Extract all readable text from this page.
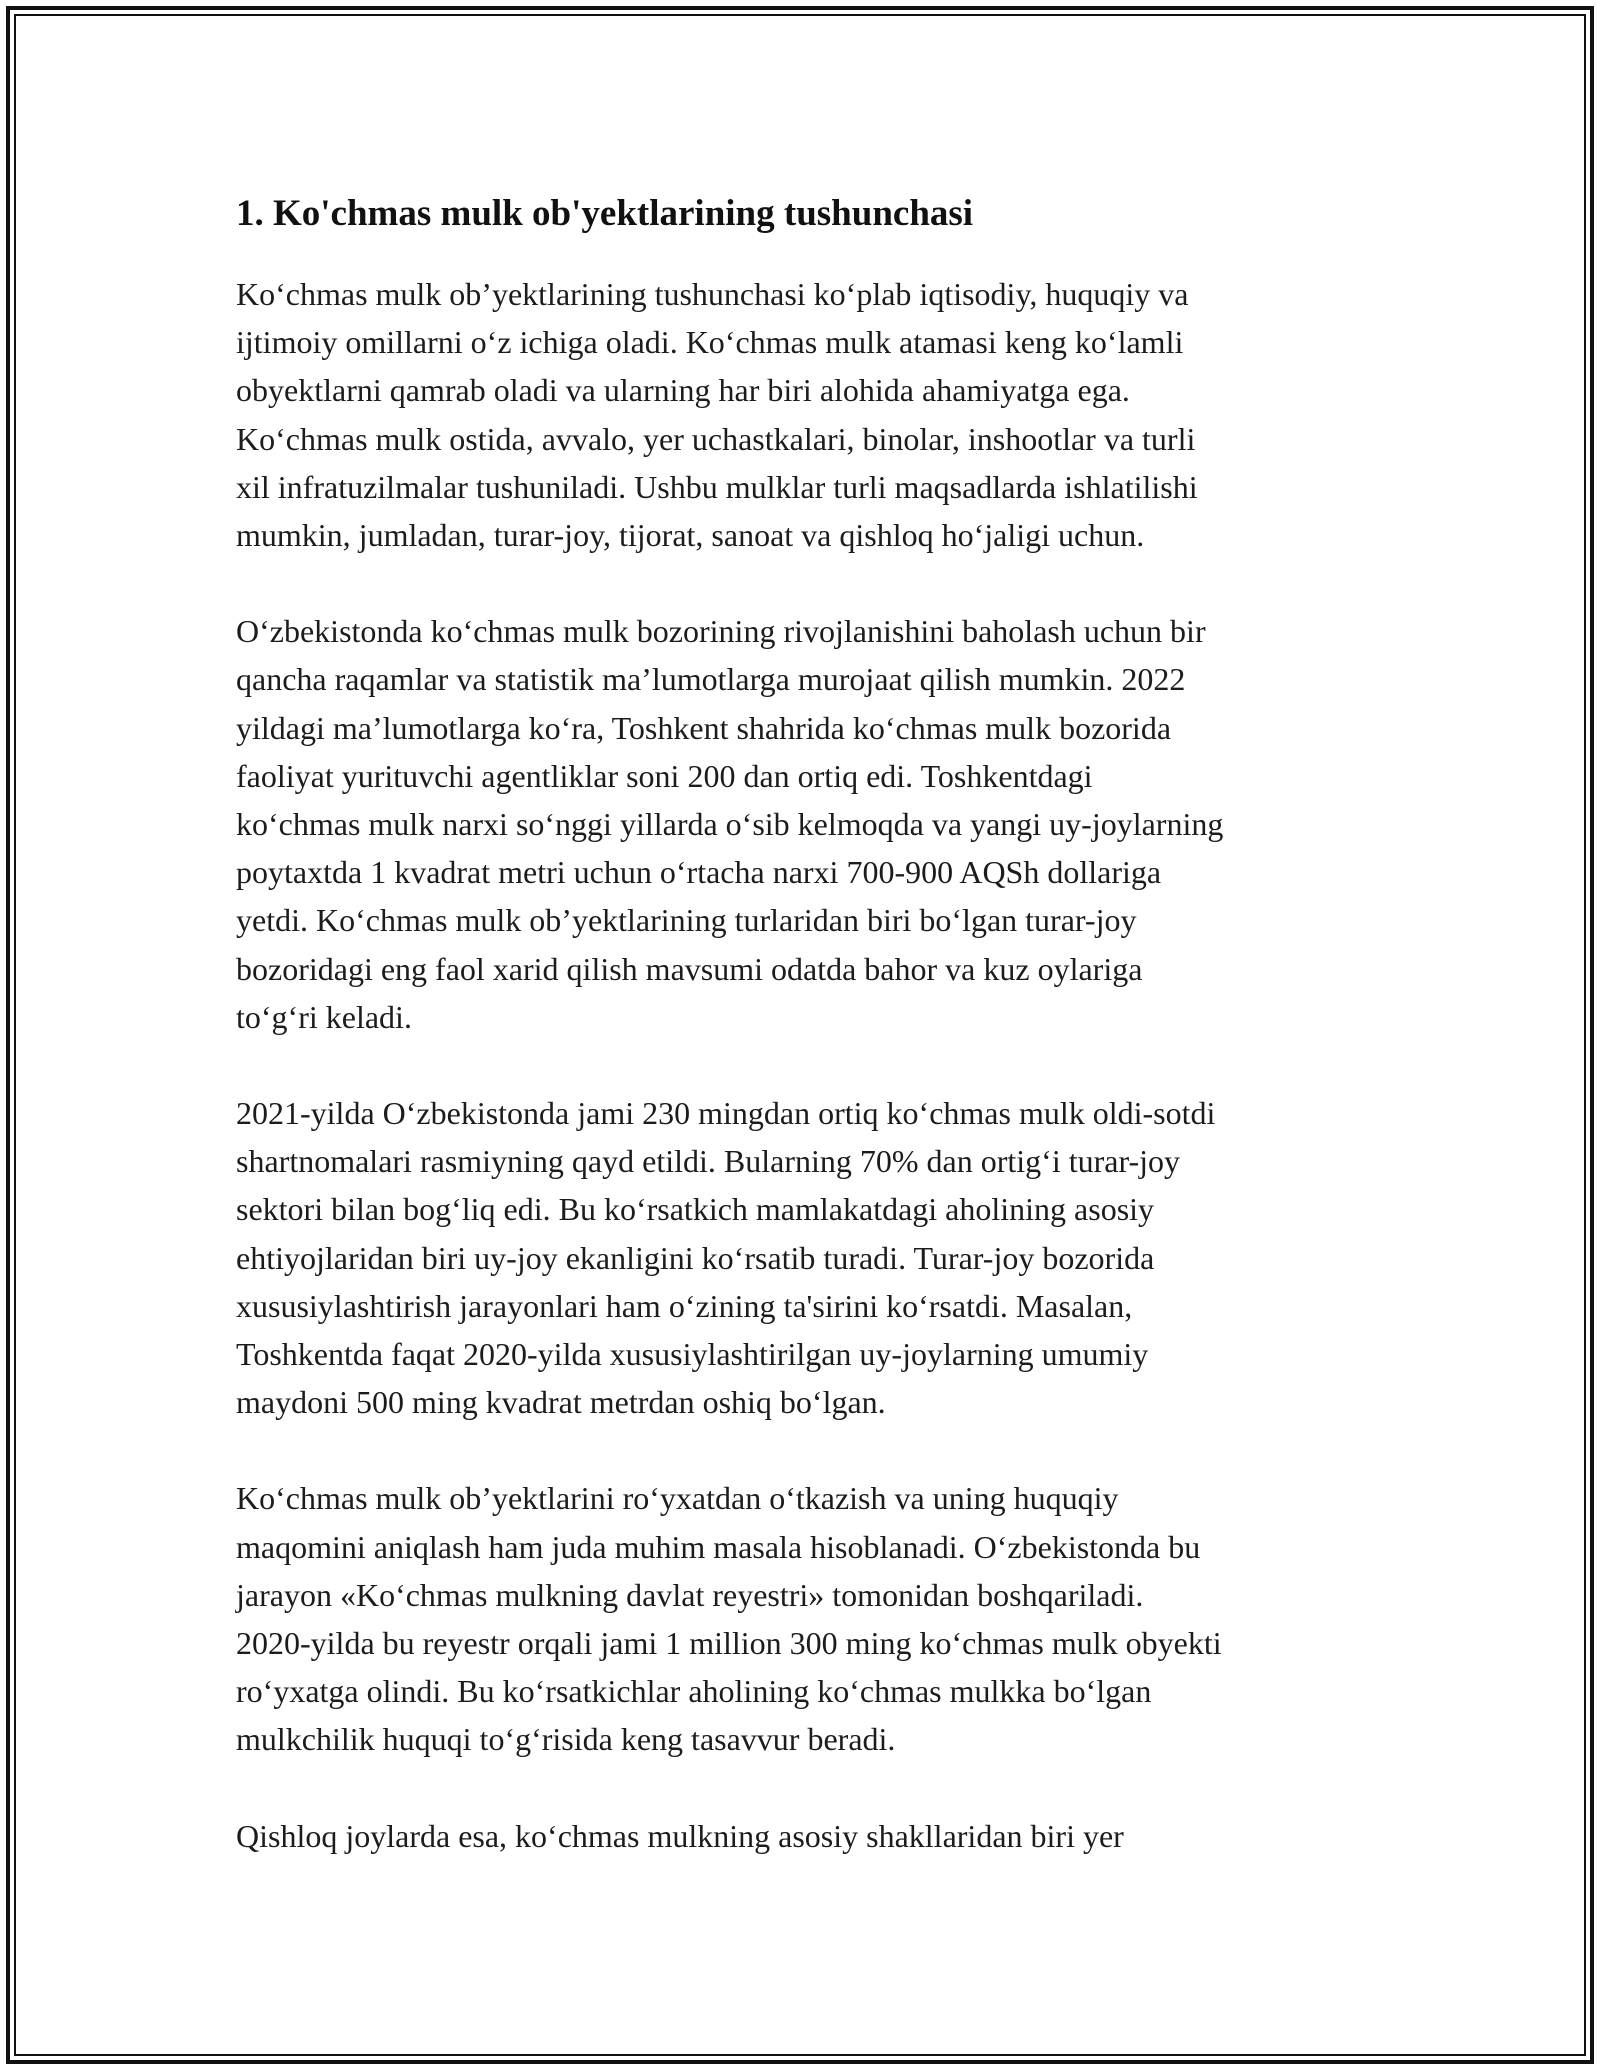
1. Ko'chmas mulk ob'yektlarining tushunchasi

Koʻchmas mulk obʼyektlarining tushunchasi koʻplab iqtisodiy, huquqiy va
ijtimoiy omillarni oʻz ichiga oladi. Koʻchmas mulk atamasi keng koʻlamli
obyektlarni qamrab oladi va ularning har biri alohida ahamiyatga ega.
Koʻchmas mulk ostida, avvalo, yer uchastkalari, binolar, inshootlar va turli
xil infratuzilmalar tushuniladi. Ushbu mulklar turli maqsadlarda ishlatilishi
mumkin, jumladan, turar-joy, tijorat, sanoat va qishloq hoʻjaligi uchun.

Oʻzbekistonda koʻchmas mulk bozorining rivojlanishini baholash uchun bir
qancha raqamlar va statistik maʼlumotlarga murojaat qilish mumkin. 2022
yildagi maʼlumotlarga koʻra, Toshkent shahrida koʻchmas mulk bozorida
faoliyat yurituvchi agentliklar soni 200 dan ortiq edi. Toshkentdagi
koʻchmas mulk narxi soʻnggi yillarda oʻsib kelmoqda va yangi uy-joylarning
poytaxtda 1 kvadrat metri uchun oʻrtacha narxi 700-900 AQSh dollariga
yetdi. Koʻchmas mulk obʼyektlarining turlaridan biri boʻlgan turar-joy
bozoridagi eng faol xarid qilish mavsumi odatda bahor va kuz oylariga
toʻgʻri keladi.

2021-yilda Oʻzbekistonda jami 230 mingdan ortiq koʻchmas mulk oldi-sotdi
shartnomalari rasmiyning qayd etildi. Bularning 70% dan ortigʻi turar-joy
sektori bilan bogʻliq edi. Bu koʻrsatkich mamlakatdagi aholining asosiy
ehtiyojlaridan biri uy-joy ekanligini koʻrsatib turadi. Turar-joy bozorida
xususiylashtirish jarayonlari ham oʻzining ta'sirini koʻrsatdi. Masalan,
Toshkentda faqat 2020-yilda xususiylashtirilgan uy-joylarning umumiy
maydoni 500 ming kvadrat metrdan oshiq boʻlgan.

Koʻchmas mulk obʼyektlarini roʻyxatdan oʻtkazish va uning huquqiy
maqomini aniqlash ham juda muhim masala hisoblanadi. Oʻzbekistonda bu
jarayon «Koʻchmas mulkning davlat reyestri» tomonidan boshqariladi.
2020-yilda bu reyestr orqali jami 1 million 300 ming koʻchmas mulk obyekti
roʻyxatga olindi. Bu koʻrsatkichlar aholining koʻchmas mulkka boʻlgan
mulkchilik huquqi toʻgʻrisida keng tasavvur beradi.

Qishloq joylarda esa, koʻchmas mulkning asosiy shakllaridan biri yer
